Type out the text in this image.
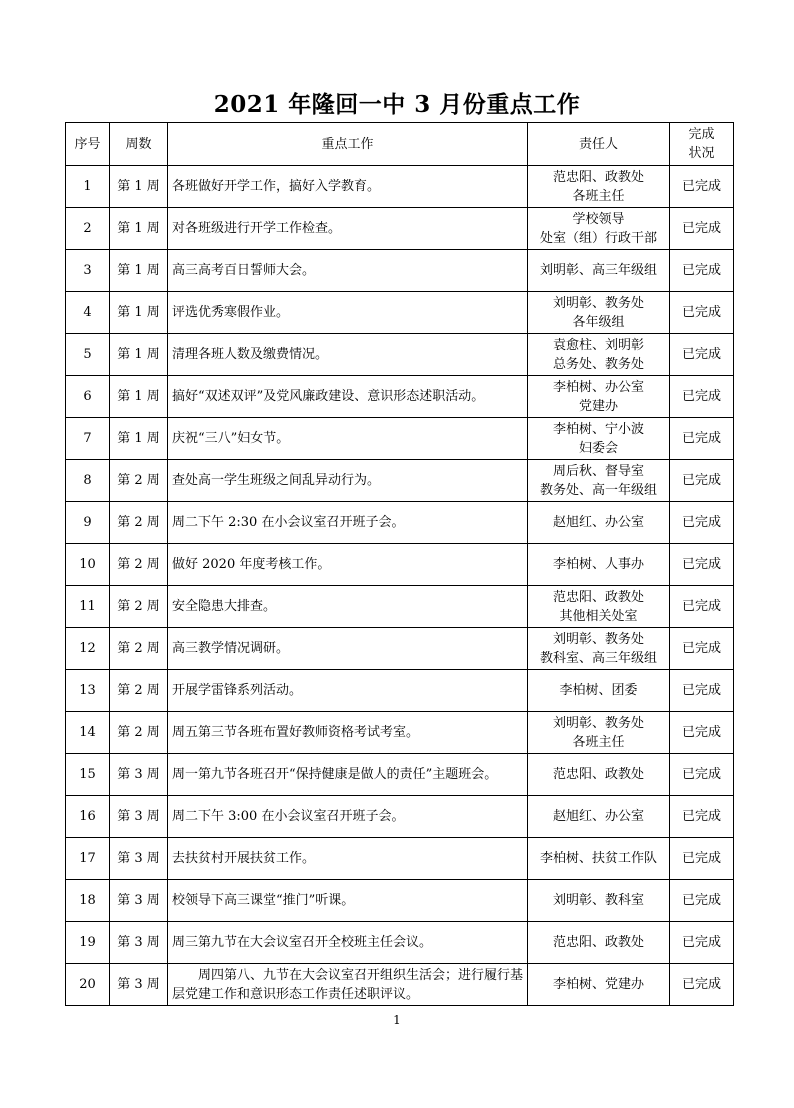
2021 年隆回一中 3 月份重点工作
序号	周数	重点工作	责任人	完成
状况

1	第 1 周	各班做好开学工作，搞好入学教育。	范忠阳、政教处
各班主任	已完成
2	第 1 周	对各班级进行开学工作检查。	学校领导
处室（组）行政干部	已完成
3	第 1 周	高三高考百日誓师大会。	刘明彰、高三年级组	已完成
4	第 1 周	评选优秀寒假作业。	刘明彰、教务处
各年级组	已完成
5	第 1 周	清理各班人数及缴费情况。	袁愈柱、刘明彰
总务处、教务处	已完成
6	第 1 周	搞好“双述双评”及党风廉政建设、意识形态述职活动。	李柏树、办公室
党建办	已完成
7	第 1 周	庆祝“三八”妇女节。	李柏树、宁小波
妇委会	已完成
8	第 2 周	查处高一学生班级之间乱异动行为。	周后秋、督导室
教务处、高一年级组	已完成
9	第 2 周	周二下午 2:30 在小会议室召开班子会。	赵旭红、办公室	已完成
10	第 2 周	做好 2020 年度考核工作。	李柏树、人事办	已完成
11	第 2 周	安全隐患大排查。	范忠阳、政教处
其他相关处室	已完成
12	第 2 周	高三教学情况调研。	刘明彰、教务处
教科室、高三年级组	已完成
13	第 2 周	开展学雷锋系列活动。	李柏树、团委	已完成
14	第 2 周	周五第三节各班布置好教师资格考试考室。	刘明彰、教务处
各班主任	已完成
15	第 3 周	周一第九节各班召开“保持健康是做人的责任”主题班会。	范忠阳、政教处	已完成
16	第 3 周	周二下午 3:00 在小会议室召开班子会。	赵旭红、办公室	已完成
17	第 3 周	去扶贫村开展扶贫工作。	李柏树、扶贫工作队	已完成
18	第 3 周	校领导下高三课堂“推门”听课。	刘明彰、教科室	已完成
19	第 3 周	周三第九节在大会议室召开全校班主任会议。	范忠阳、政教处	已完成
20	第 3 周	周四第八、九节在大会议室召开组织生活会；进行履行基层党建工作和意识形态工作责任述职评议。	李柏树、党建办	已完成
1
